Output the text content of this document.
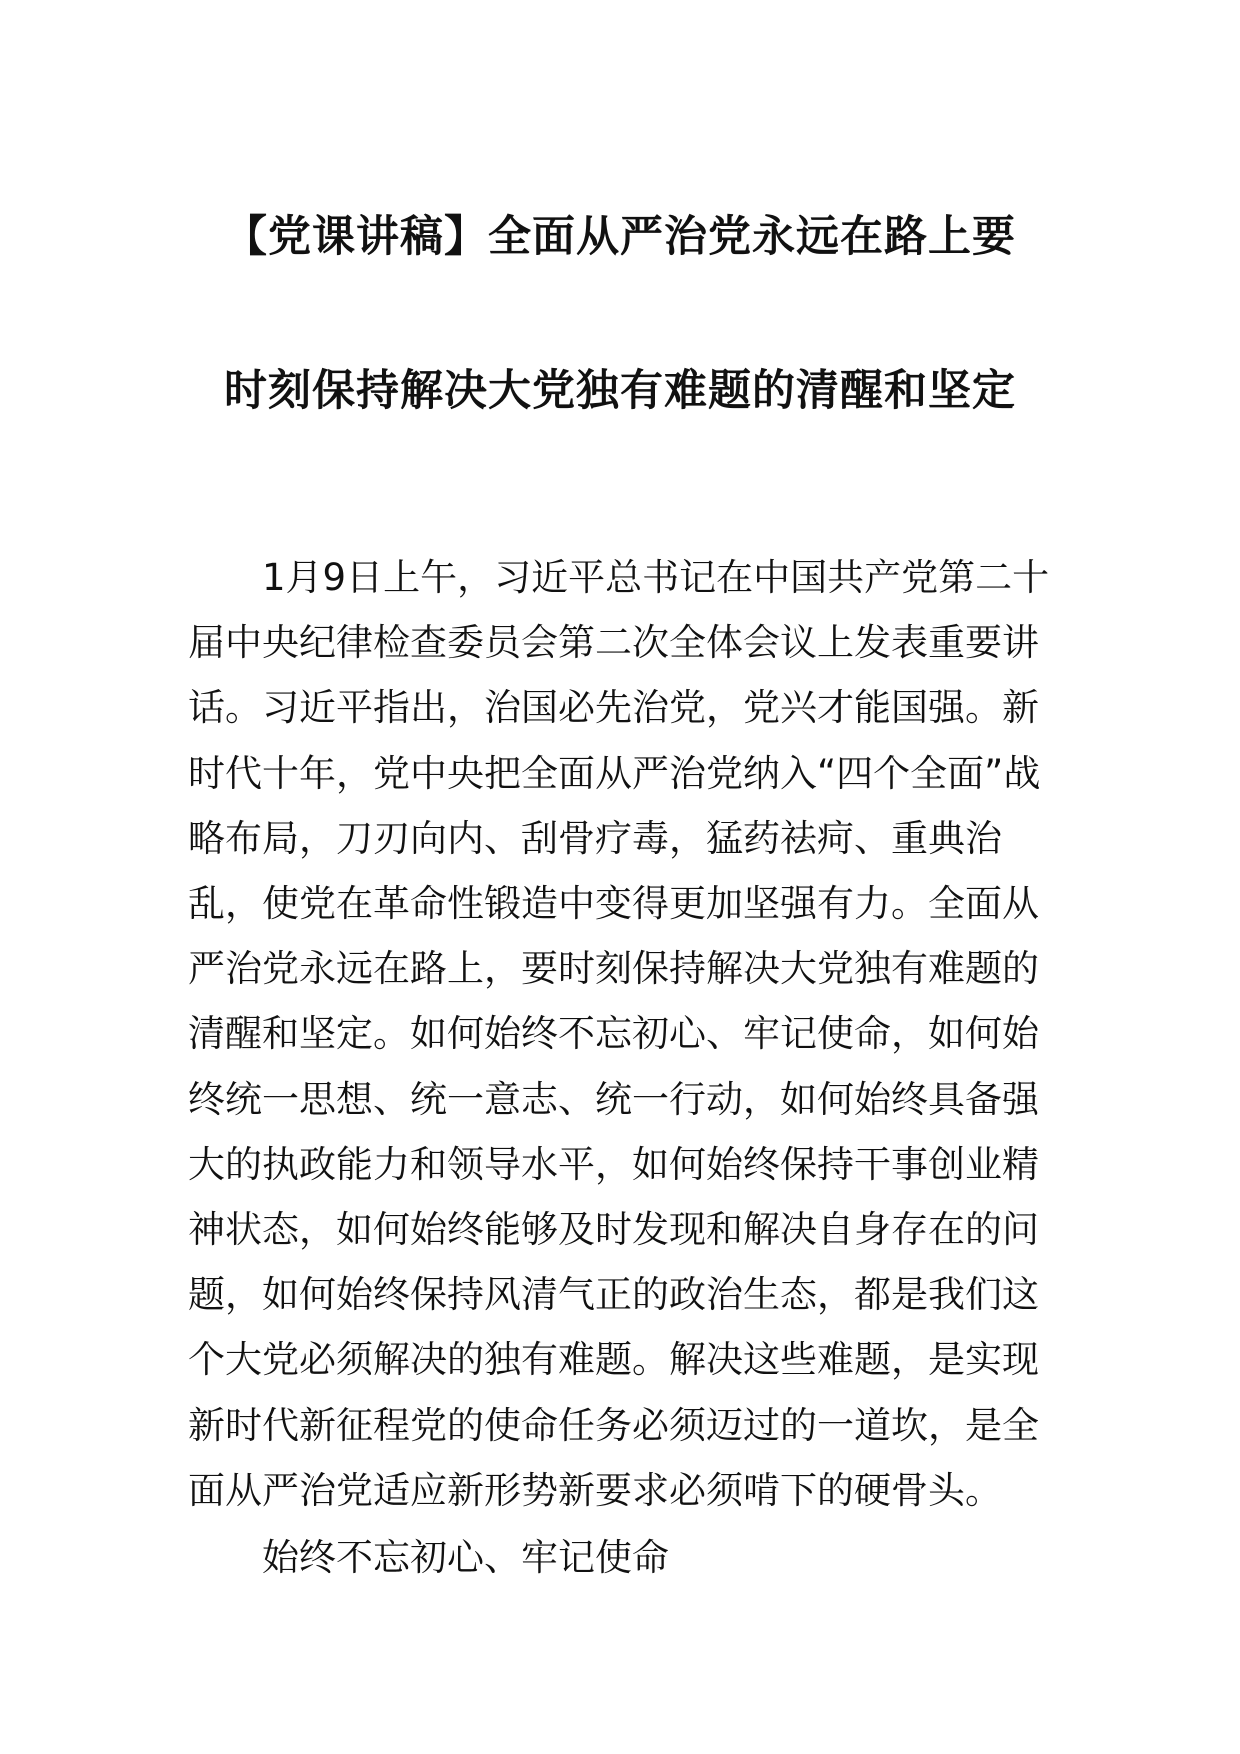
【党课讲稿】全面从严治党永远在路上要
时刻保持解决大党独有难题的清醒和坚定

1月9日上午，习近平总书记在中国共产党第二十届中央纪律检查委员会第二次全体会议上发表重要讲话。习近平指出，治国必先治党，党兴才能国强。新时代十年，党中央把全面从严治党纳入“四个全面”战略布局，刀刃向内、刮骨疗毒，猛药祛疴、重典治乱，使党在革命性锻造中变得更加坚强有力。全面从严治党永远在路上，要时刻保持解决大党独有难题的清醒和坚定。如何始终不忘初心、牢记使命，如何始终统一思想、统一意志、统一行动，如何始终具备强大的执政能力和领导水平，如何始终保持干事创业精神状态，如何始终能够及时发现和解决自身存在的问题，如何始终保持风清气正的政治生态，都是我们这个大党必须解决的独有难题。解决这些难题，是实现新时代新征程党的使命任务必须迈过的一道坎，是全面从严治党适应新形势新要求必须啃下的硬骨头。

始终不忘初心、牢记使命
